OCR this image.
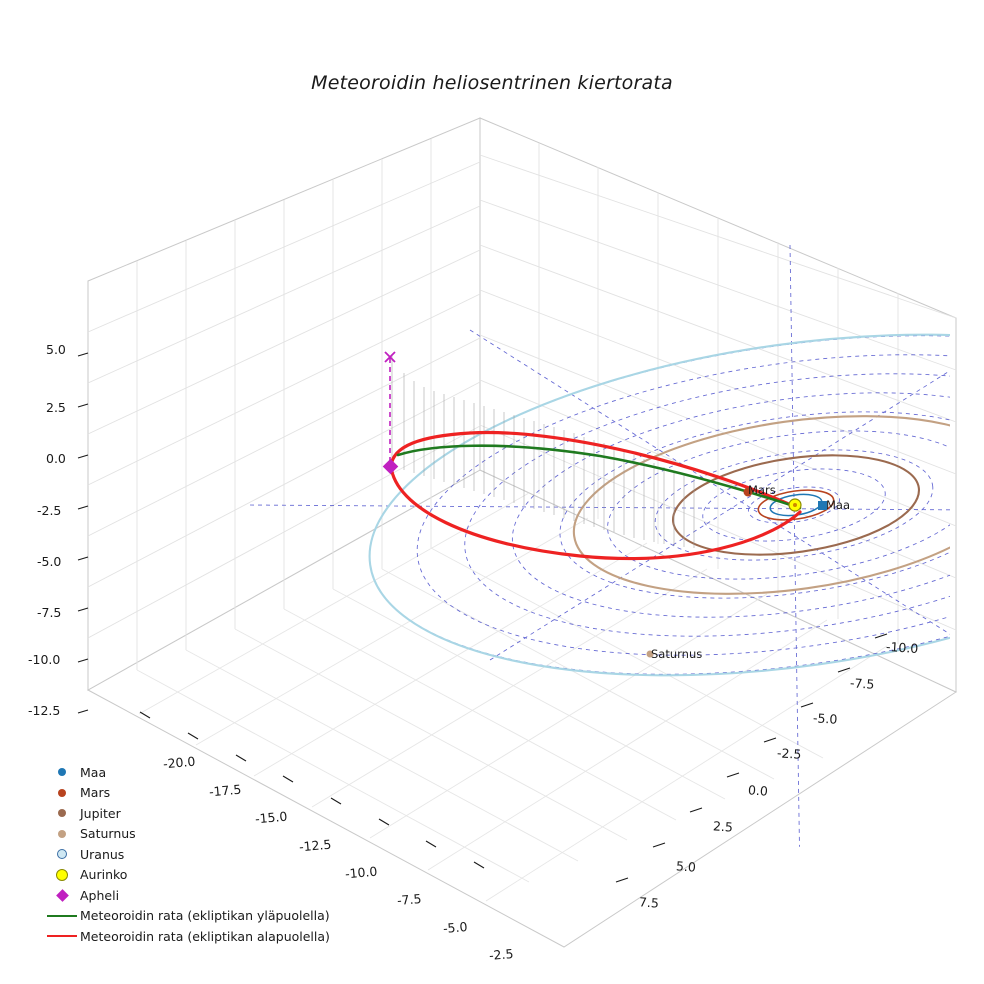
Meteoroidin heliosentrinen kiertorata
5.0
2.5
0.0
-2.5
-5.0
-7.5
-10.0
-12.5
-20.0
-17.5
-15.0
-12.5
-10.0
-7.5
-5.0
-2.5
-10.0
-7.5
-5.0
-2.5
0.0
2.5
5.0
7.5
Mars
Maa
Saturnus
Maa
Mars
Jupiter
Saturnus
Uranus
Aurinko
Apheli
Meteoroidin rata (ekliptikan yläpuolella)
Meteoroidin rata (ekliptikan alapuolella)
